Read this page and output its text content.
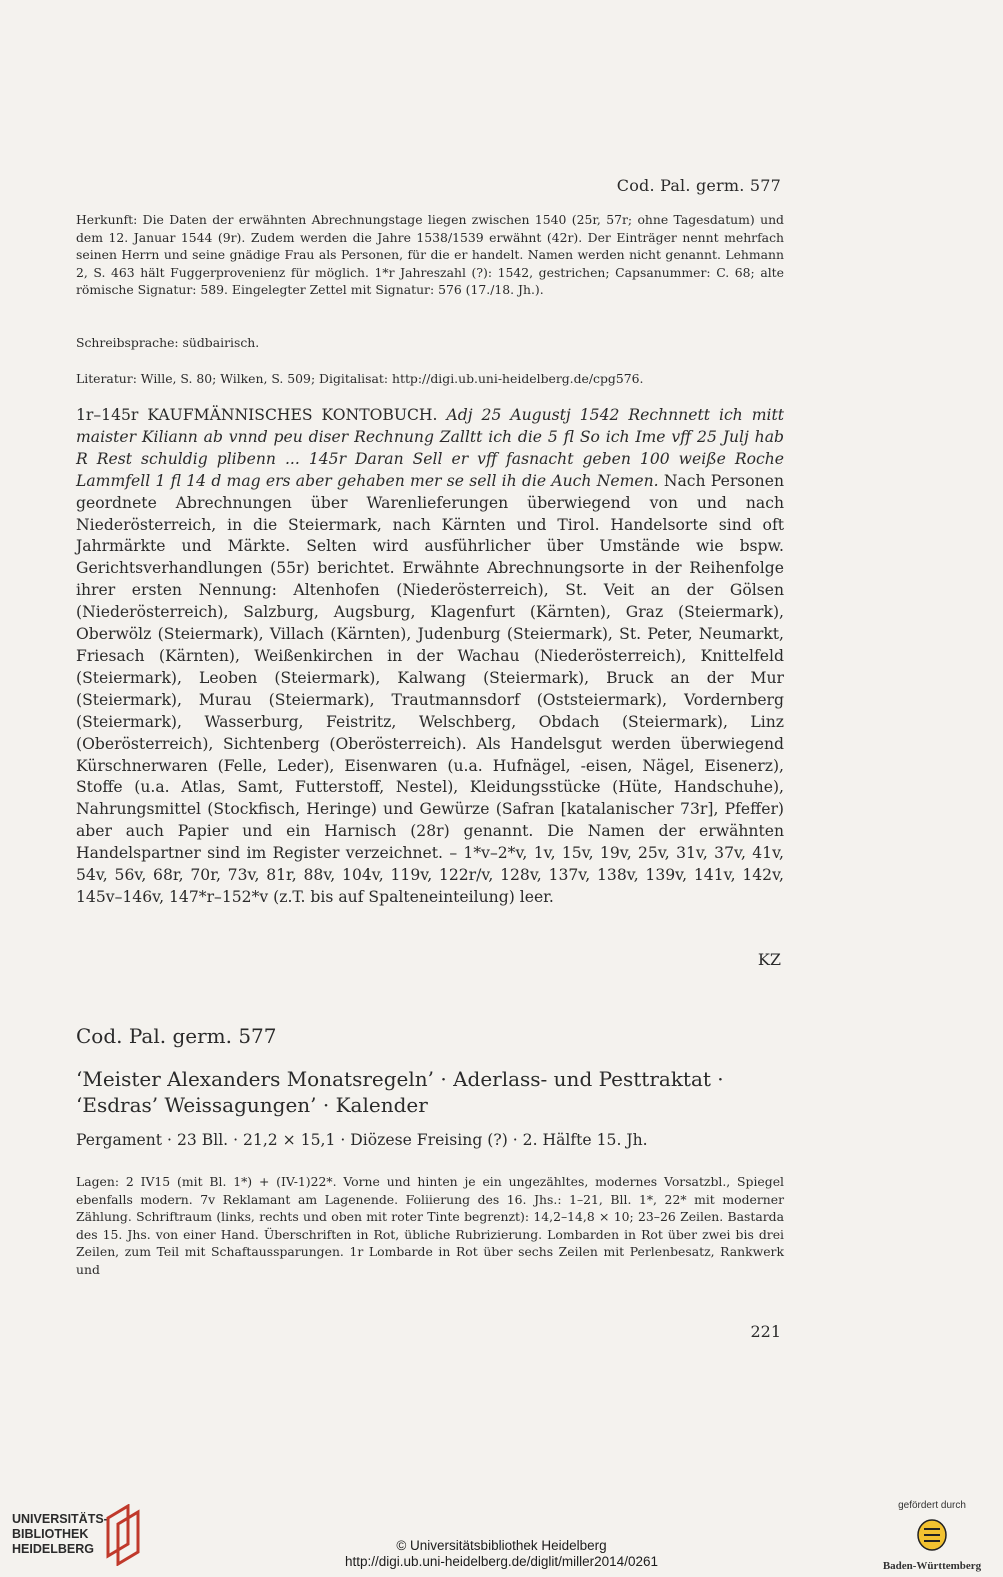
Cod. Pal. germ. 577
Herkunft: Die Daten der erwähnten Abrechnungstage liegen zwischen 1540 (25r, 57r; ohne Tagesdatum) und dem 12. Januar 1544 (9r). Zudem werden die Jahre 1538/1539 erwähnt (42r). Der Einträger nennt mehrfach seinen Herrn und seine gnädige Frau als Personen, für die er handelt. Namen werden nicht genannt. Lehmann 2, S. 463 hält Fuggerprovenienz für möglich. 1*r Jahreszahl (?): 1542, gestrichen; Capsanummer: C. 68; alte römische Signatur: 589. Eingelegter Zettel mit Signatur: 576 (17./18. Jh.).
Schreibsprache: südbairisch.
Literatur: Wille, S. 80; Wilken, S. 509; Digitalisat: http://digi.ub.uni-heidelberg.de/cpg576.
1r–145r KAUFMÄNNISCHES KONTOBUCH. Adj 25 Augustj 1542 Rechnnett ich mitt maister Kiliann ab vnnd peu diser Rechnung Zalltt ich die 5 fl So ich Ime vff 25 Julj hab R Rest schuldig plibenn ... 145r Daran Sell er vff fasnacht geben 100 weiße Roche Lammfell 1 fl 14 d mag ers aber gehaben mer se sell ih die Auch Nemen. Nach Personen geordnete Abrechnungen über Warenlieferungen überwiegend von und nach Niederösterreich, in die Steiermark, nach Kärnten und Tirol. Handelsorte sind oft Jahrmärkte und Märkte. Selten wird ausführlicher über Umstände wie bspw. Gerichtsverhandlungen (55r) berichtet. Erwähnte Abrechnungsorte in der Reihenfolge ihrer ersten Nennung: Altenhofen (Niederösterreich), St. Veit an der Gölsen (Niederösterreich), Salzburg, Augsburg, Klagenfurt (Kärnten), Graz (Steiermark), Oberwölz (Steiermark), Villach (Kärnten), Judenburg (Steiermark), St. Peter, Neumarkt, Friesach (Kärnten), Weißenkirchen in der Wachau (Niederösterreich), Knittelfeld (Steiermark), Leoben (Steiermark), Kalwang (Steiermark), Bruck an der Mur (Steiermark), Murau (Steiermark), Trautmannsdorf (Oststeiermark), Vordernberg (Steiermark), Wasserburg, Feistritz, Welschberg, Obdach (Steiermark), Linz (Oberösterreich), Sichtenberg (Oberösterreich). Als Handelsgut werden überwiegend Kürschnerwaren (Felle, Leder), Eisenwaren (u.a. Hufnägel, -eisen, Nägel, Eisenerz), Stoffe (u.a. Atlas, Samt, Futterstoff, Nestel), Kleidungsstücke (Hüte, Handschuhe), Nahrungsmittel (Stockfisch, Heringe) und Gewürze (Safran [katalanischer 73r], Pfeffer) aber auch Papier und ein Harnisch (28r) genannt. Die Namen der erwähnten Handelspartner sind im Register verzeichnet. – 1*v–2*v, 1v, 15v, 19v, 25v, 31v, 37v, 41v, 54v, 56v, 68r, 70r, 73v, 81r, 88v, 104v, 119v, 122r/v, 128v, 137v, 138v, 139v, 141v, 142v, 145v–146v, 147*r–152*v (z.T. bis auf Spalteneinteilung) leer.
KZ
Cod. Pal. germ. 577
‘Meister Alexanders Monatsregeln’ · Aderlass- und Pesttraktat · ‘Esdras’ Weissagungen’ · Kalender
Pergament · 23 Bll. · 21,2 × 15,1 · Diözese Freising (?) · 2. Hälfte 15. Jh.
Lagen: 2 IV15 (mit Bl. 1*) + (IV-1)22*. Vorne und hinten je ein ungezähltes, modernes Vorsatzbl., Spiegel ebenfalls modern. 7v Reklamant am Lagenende. Foliierung des 16. Jhs.: 1–21, Bll. 1*, 22* mit moderner Zählung. Schriftraum (links, rechts und oben mit roter Tinte begrenzt): 14,2–14,8 × 10; 23–26 Zeilen. Bastarda des 15. Jhs. von einer Hand. Überschriften in Rot, übliche Rubrizierung. Lombarden in Rot über zwei bis drei Zeilen, zum Teil mit Schaftaussparungen. 1r Lombarde in Rot über sechs Zeilen mit Perlenbesatz, Rankwerk und
221
UNIVERSITÄTS-
BIBLIOTHEK
HEIDELBERG	© Universitätsbibliothek Heidelberg
http://digi.ub.uni-heidelberg.de/diglit/miller2014/0261
gefördert durch
Baden-Württemberg
